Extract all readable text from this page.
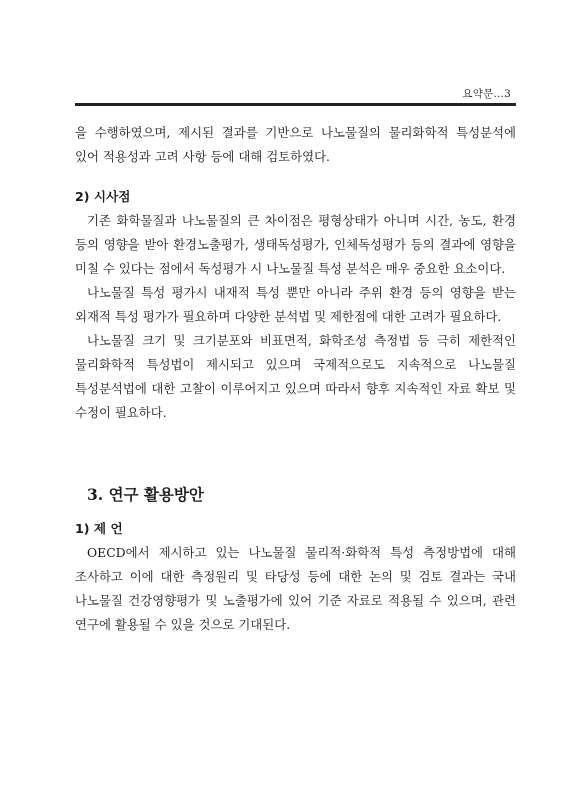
요약문…3

을 수행하였으며, 제시된 결과를 기반으로 나노물질의 물리화학적 특성분석에 있어 적용성과 고려 사항 등에 대해 검토하였다.

2) 시사점

기존 화학물질과 나노물질의 큰 차이점은 평형상태가 아니며 시간, 농도, 환경 등의 영향을 받아 환경노출평가, 생태독성평가, 인체독성평가 등의 결과에 영향을 미칠 수 있다는 점에서 독성평가 시 나노물질 특성 분석은 매우 중요한 요소이다.

나노물질 특성 평가시 내재적 특성 뿐만 아니라 주위 환경 등의 영향을 받는 외재적 특성 평가가 필요하며 다양한 분석법 및 제한점에 대한 고려가 필요하다.

나노물질 크기 및 크기분포와 비표면적, 화학조성 측정법 등 극히 제한적인 물리화학적 특성법이 제시되고 있으며 국제적으로도 지속적으로 나노물질 특성분석법에 대한 고찰이 이루어지고 있으며 따라서 향후 지속적인 자료 확보 및 수정이 필요하다.

3. 연구 활용방안

1) 제 언

OECD에서 제시하고 있는 나노물질 물리적·화학적 특성 측정방법에 대해 조사하고 이에 대한 측정원리 및 타당성 등에 대한 논의 및 검토 결과는 국내 나노물질 건강영향평가 및 노출평가에 있어 기준 자료로 적용될 수 있으며, 관련 연구에 활용될 수 있을 것으로 기대된다.
